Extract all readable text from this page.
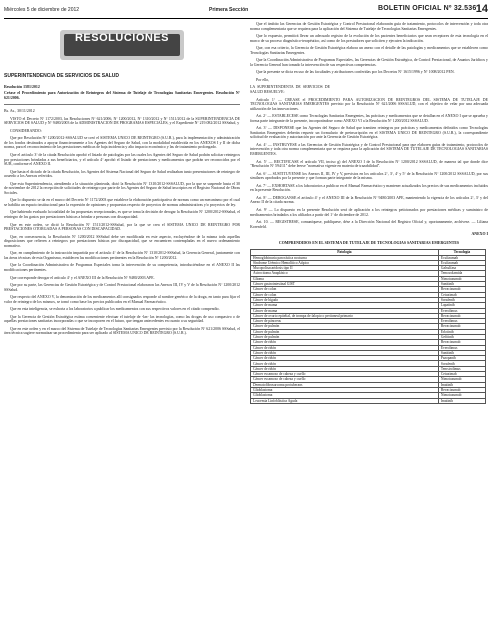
Miércoles 5 de diciembre de 2012	Primera Sección	BOLETIN OFICIAL Nº 32.536 14
RESOLUCIONES
SUPERINTENDENCIA DE SERVICIOS DE SALUD
Resolución 1581/2012
Créase el Procedimiento para Autorización de Reintegros del Sistema de Tutelaje de Tecnologías Sanitarias Emergentes. Resolución Nº 621/2006.

Bs. As., 30/11/2012

VISTO el Decreto Nº 1172/2003, las Resoluciones Nº 621/2006, Nº 1200/2012, Nº 1310/2012 y Nº 1511/2012 de la SUPERINTENDENCIA DE SERVICIOS DE SALUD y Nº 9480/2003 de la ADMINISTRACION DE PROGRAMAS ESPECIALES, y el Expediente Nº 219.082/2012 SSSalud, y

CONSIDERANDO:

Que por Resolución Nº 1200/2012-SSSALUD se creó el SISTEMA UNICO DE REINTEGRO (S.U.R.), para la implementación y administración de los fondos destinados a apoyar financieramente a los Agentes del Seguro de Salud, con la modalidad establecida en los ANEXOS I y II de dicha norma, para el reconocimiento de las prestaciones médicas de baja incidencia y alto impacto económico y las de tratamiento prolongado.

Que el artículo 3º de la citada Resolución aprobó el listado de patologías por las cuales los Agentes del Seguro de Salud podrán solicitar reintegros por prestaciones brindadas a sus beneficiarios, y el artículo 4º aprobó el listado de prestaciones y medicamentos que podrán ser reconocidos por el SUR, conforme el ANEXO II.

Que hasta el dictado de la citada Resolución, los Agentes del Sistema Nacional del Seguro de Salud realizaban tanto presentaciones de reintegro de acuerdo a los Anexos referidos.

Que esta Superintendencia, atendiendo a la situación planteada, dictó la Resolución Nº 1310/2012-SSSALUD, por la que se suspende hasta el 30 de noviembre de 2012 la recepción de solicitudes de reintegro por parte de los Agentes del Seguro de Salud inscriptos en el Registro Nacional de Obras Sociales.

Que lo dispuesto se da en el marco del Decreto Nº 1172/2003 que establece la elaboración participativa de normas como un mecanismo por el cual se habilita un espacio institucional para la expresión de opiniones y propuestas respecto de proyectos de normas administrativas y/o proyectos de ley.

Que habiendo evaluado la totalidad de las propuestas recepcionadas, es que se toma la decisión de derogar la Resolución Nº 1200/2012-SSSalud, el reintegro de los gastos por prestaciones básicas a brindar a personas con discapacidad.

Que en este orden, se dictó la Resolución Nº 1511/2012-SSSalud, por la que se crea el SISTEMA UNICO DE REINTEGRO POR PRESTACIONES OTORGADAS A PERSONAS CON DISCAPACIDAD.

Que, en consecuencia, la Resolución Nº 1200/2012 SSSalud debe ser modificada en este aspecto, excluyéndose de la misma toda aquellas disposiciones que refieren a reintegros por prestaciones básicas por discapacidad, que se encuentren contempladas en el nuevo ordenamiento normativo.

Que, en cumplimiento de la instrucción impartida por el artículo 4º de la Resolución Nº 1310/2012-SSSalud, la Gerencia General, juntamente con las áreas técnicas de esta Organismo, establecen las modificaciones pertinentes en la Resolución Nº 1200/2012.

Que la Coordinación Administrativa de Programas Especiales toma la intervención de su competencia, introduciéndose en el ANEXO II las modificaciones pertinentes.

Que corresponde derogar el artículo 4º y el ANEXO III de la Resolución Nº 9480/2003 APE.

Que por su parte, las Gerencias de Gestión Estratégica y de Control Prestacional elaboraron las Anexos III, IV y V de la Resolución Nº 1200/2012 SSSalud.

Que respecto del ANEXO V, la denominación de los medicamentos allí consignados responde al nombre genérico de la droga, en tanto para fijar el valor de reintegro de los mismos, se tomó como base los precios publicados en el Manual Farmacéutico.

Que en esta inteligencia, se exhorta a los laboratorios a publicar los medicamentos con sus respectivos valores en el citado compendio.

Que la Gerencia de Gestión Estratégica estima conveniente efectuar el tutelaje de -las- las tecnologías, como las drogas de uso compasivo o de aquellas prestaciones sanitarias incorporadas o que se incorporen en el futuro, que tengan antecedentes en cuanto a su seguridad.

Que en este orden y en el marco del Sistema de Tutelaje de Tecnologías Sanitarias Emergentes previsto por la Resolución Nº 621/2006 SSSalud, el área técnica sugiere normatizar un procedimiento para ser aplicado al SISTEMA UNICO DE REINTEGRO (S.U.R.).

Que el ámbito las Gerencias de Gestión Estratégica y Control Prestacional elaborarán guía de tratamiento, protocolos de intervención y toda otra norma complementaria que se requiera para la aplicación del Sistema de Tutelaje de Tecnologías Sanitarias Emergentes.

Que lo expuesto, permitirá llevar un adecuado registro de la evolución de los pacientes beneficiarios que sean receptores de esta tecnología en el marco de su proceso diagnóstico-terapéutico, así como de los prestadores que soliciten y ejecuten la indicación.

Que, con esa criterio, la Gerencia de Gestión Estratégica elabora un anexo con el detalle de las patologías y medicamentos que se establecen como Tecnologías Sanitarias Emergentes.

Que la Coordinación Administrativa de Programas Especiales, las Gerencias de Gestión Estratégica, de Control Prestacional, de Asuntos Jurídicos y la Gerencia General han tomado la intervención de sus respectivas competencias.

Que la presente se dicta en uso de las facultades y atribuciones conferidas por los Decretos Nº 1615/1996 y Nº 1008/2012 PEN.

Por ello,

LA SUPERINTENDENTA DE SERVICIOS DE SALUD RESUELVE:

Artículo 1º — CREASE el PROCEDIMIENTO PARA AUTORIZACION DE REINTEGROS DEL SISTEMA DE TUTELAJE DE TECNOLOGIAS SANITARIAS EMERGENTES previsto por la Resolución Nº 621/2006 SSSALUD, con el objetivo de velar por una adecuada utilización de las innovaciones.

Art. 2º — ESTABLECESE como Tecnologías Sanitarias Emergentes, las prácticas y medicamentos que se detallan en el ANEXO I que se aprueba y forma parte integrante de la presente, incorporándose como ANEXO VI a la Resolución Nº 1200/2012 SSSALUD.

Art. 3º — DISPONESE que los Agentes del Seguro de Salud que tramiten reintegros por prácticas y medicamentos definidos como Tecnologías Sanitarias Emergentes deberán requerir un formulario de preinscripción en el SISTEMA UNICO DE REINTEGRO (S.U.R.), la correspondiente solicitud de evaluación y autorización por ante la Gerencia de Gestión Estratégica.

Art. 4º — INSTRUYESE a las Gerencias de Gestión Estratégica y de Control Prestacional para que elaboren guías de tratamiento, protocolos de intervención y toda otra norma complementaria que se requiera para la aplicación del SISTEMA DE TUTELAJE DE TECNOLOGIAS SANITARIAS EMERGENTES.

Art. 5º — RECTIFICASE el artículo VII, inciso g) del ANEXO I de la Resolución Nº 1200/2012 SSSALUD, de manera tal que donde dice "Resolución Nº 594/11" debe leerse "normativa vigente en materia de trazabilidad".

Art. 6º — SUSTITUYENSE los Anexos II, III, IV y V, previstos en los artículos 2º, 3º, 4º y 5º de la Resolución Nº 1200/2012 SSSALUD, por sus similares aprobados por la presente y que forman parte integrante de la misma.

Art. 7º — EXHORTASE a los laboratorios a publicar en el Manual Farmacéutico y mantener actualizados los precios de sus medicamentos incluidos en la presente Resolución.

Art. 8º — DEROGANSE el artículo 4º y el ANEXO III de la Resolución Nº 9480/2003 APE, manteniendo la vigencia de los artículos 2º, 3º y del Anexo II de la citada norma.

Art. 9º — Lo dispuesto en la presente Resolución será de aplicación a los reintegros peticionados por prestaciones médicas y suministro de medicamentos brindados a los afiliados a partir del 1º de diciembre de 2012.

Art. 10. — REGISTRESE, comuníquese, publíquese, dése a la Dirección Nacional del Registro Oficial y, oportunamente, archívese. — Liliana Korenfeld.

ANEXO I
COMPRENDIDOS EN EL SISTEMA DE TUTELAJE DE TECNOLOGIAS SANITARIAS EMERGENTES
Patología	Tecnología
Hemoglobinuria paroxística nocturna	Eculizumab
Síndrome Urémico Hemolítico Atípico	Eculizumab
Mucopolisacaridosis tipo II	Galsulfasa
Astrocitoma Anaplásico	Temozolamida
Glioma	Nimotuzumab
Cáncer gastrointestinal GIST	Sunitinib
Cáncer de colon	Bevacizumab
Cáncer de colon	Cetuximab
Cáncer de hígado	Sorafenib
Cáncer de mama	Lapatinib
Cáncer de mama	Everolimus
Cáncer de ovario epitelial, de trompa de falopio o peritoneal primario	Bevacizumab
Cáncer de páncreas	Everolimus
Cáncer de pulmón	Bevacizumab
Cáncer de pulmón	Erlotinib
Cáncer de pulmón	Gefitinib
Cáncer de riñón	Bevacizumab
Cáncer de riñón	Everolimus
Cáncer de riñón	Sunitinib
Cáncer de riñón	Pazopanib
Cáncer de riñón	Sorafenib
Cáncer de riñón	Temsirolimus
Cáncer escamoso de cabeza y cuello	Cetuximab
Cáncer escamoso de cabeza y cuello	Nimotuzumab
Dermatofibrosarcoma protuberans	Imatinib
Glioblastoma	Bevacizumab
Glioblastoma	Nimotuzumab
Leucemia Linfoblástica Aguda	Imatinib
